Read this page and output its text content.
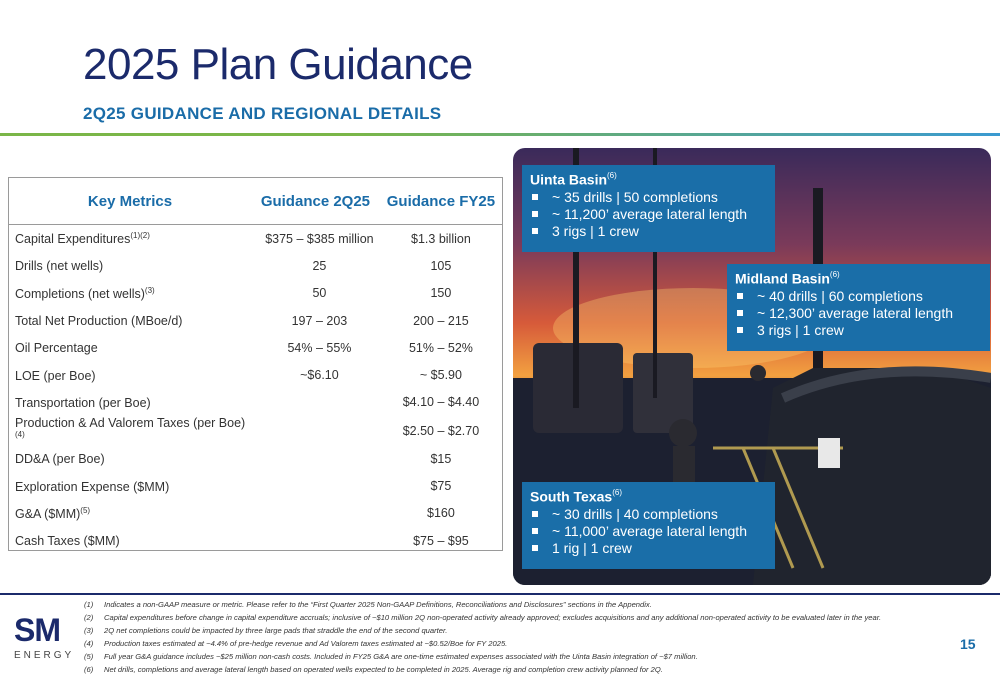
2025 Plan Guidance
2Q25 GUIDANCE AND REGIONAL DETAILS
Key Metrics	Guidance 2Q25	Guidance FY25
Capital Expenditures$^{(1)(2)}$	$375 – $385 million	$1.3 billion
Drills (net wells)	25	105
Completions (net wells)$^{(3)}$	50	150
Total Net Production (MBoe/d)	197 – 203	200 – 215
Oil Percentage	54% – 55%	51% – 52%
LOE (per Boe)	~$6.10	~ $5.90
Transportation (per Boe)		$4.10 – $4.40
Production & Ad Valorem Taxes (per Boe)$^{(4)}$		$2.50 – $2.70
DD&A (per Boe)		$15
Exploration Expense ($MM)		$75
G&A ($MM)$^{(5)}$		$160
Cash Taxes ($MM)		$75 – $95
Uinta Basin$^{(6)}$
~ 35 drills | 50 completions
~ 11,200’ average lateral length
3 rigs | 1 crew
Midland Basin$^{(6)}$
~ 40 drills | 60 completions
~ 12,300’ average lateral length
3 rigs | 1 crew
South Texas$^{(6)}$
~ 30 drills | 40 completions
~ 11,000’ average lateral length
1 rig | 1 crew
SM
ENERGY
(1) Indicates a non-GAAP measure or metric. Please refer to the “First Quarter 2025 Non-GAAP Definitions, Reconciliations and Disclosures” sections in the Appendix.
(2) Capital expenditures before change in capital expenditure accruals; inclusive of ~$10 million 2Q non-operated activity already approved; excludes acquisitions and any additional non-operated activity to be evaluated later in the year.
(3) 2Q net completions could be impacted by three large pads that straddle the end of the second quarter.
(4) Production taxes estimated at ~4.4% of pre-hedge revenue and Ad Valorem taxes estimated at ~$0.52/Boe for FY 2025.
(5) Full year G&A guidance includes ~$25 million non-cash costs. Included in FY25 G&A are one-time estimated expenses associated with the Uinta Basin integration of ~$7 million.
(6) Net drills, completions and average lateral length based on operated wells expected to be completed in 2025. Average rig and completion crew activity planned for 2Q.
15
